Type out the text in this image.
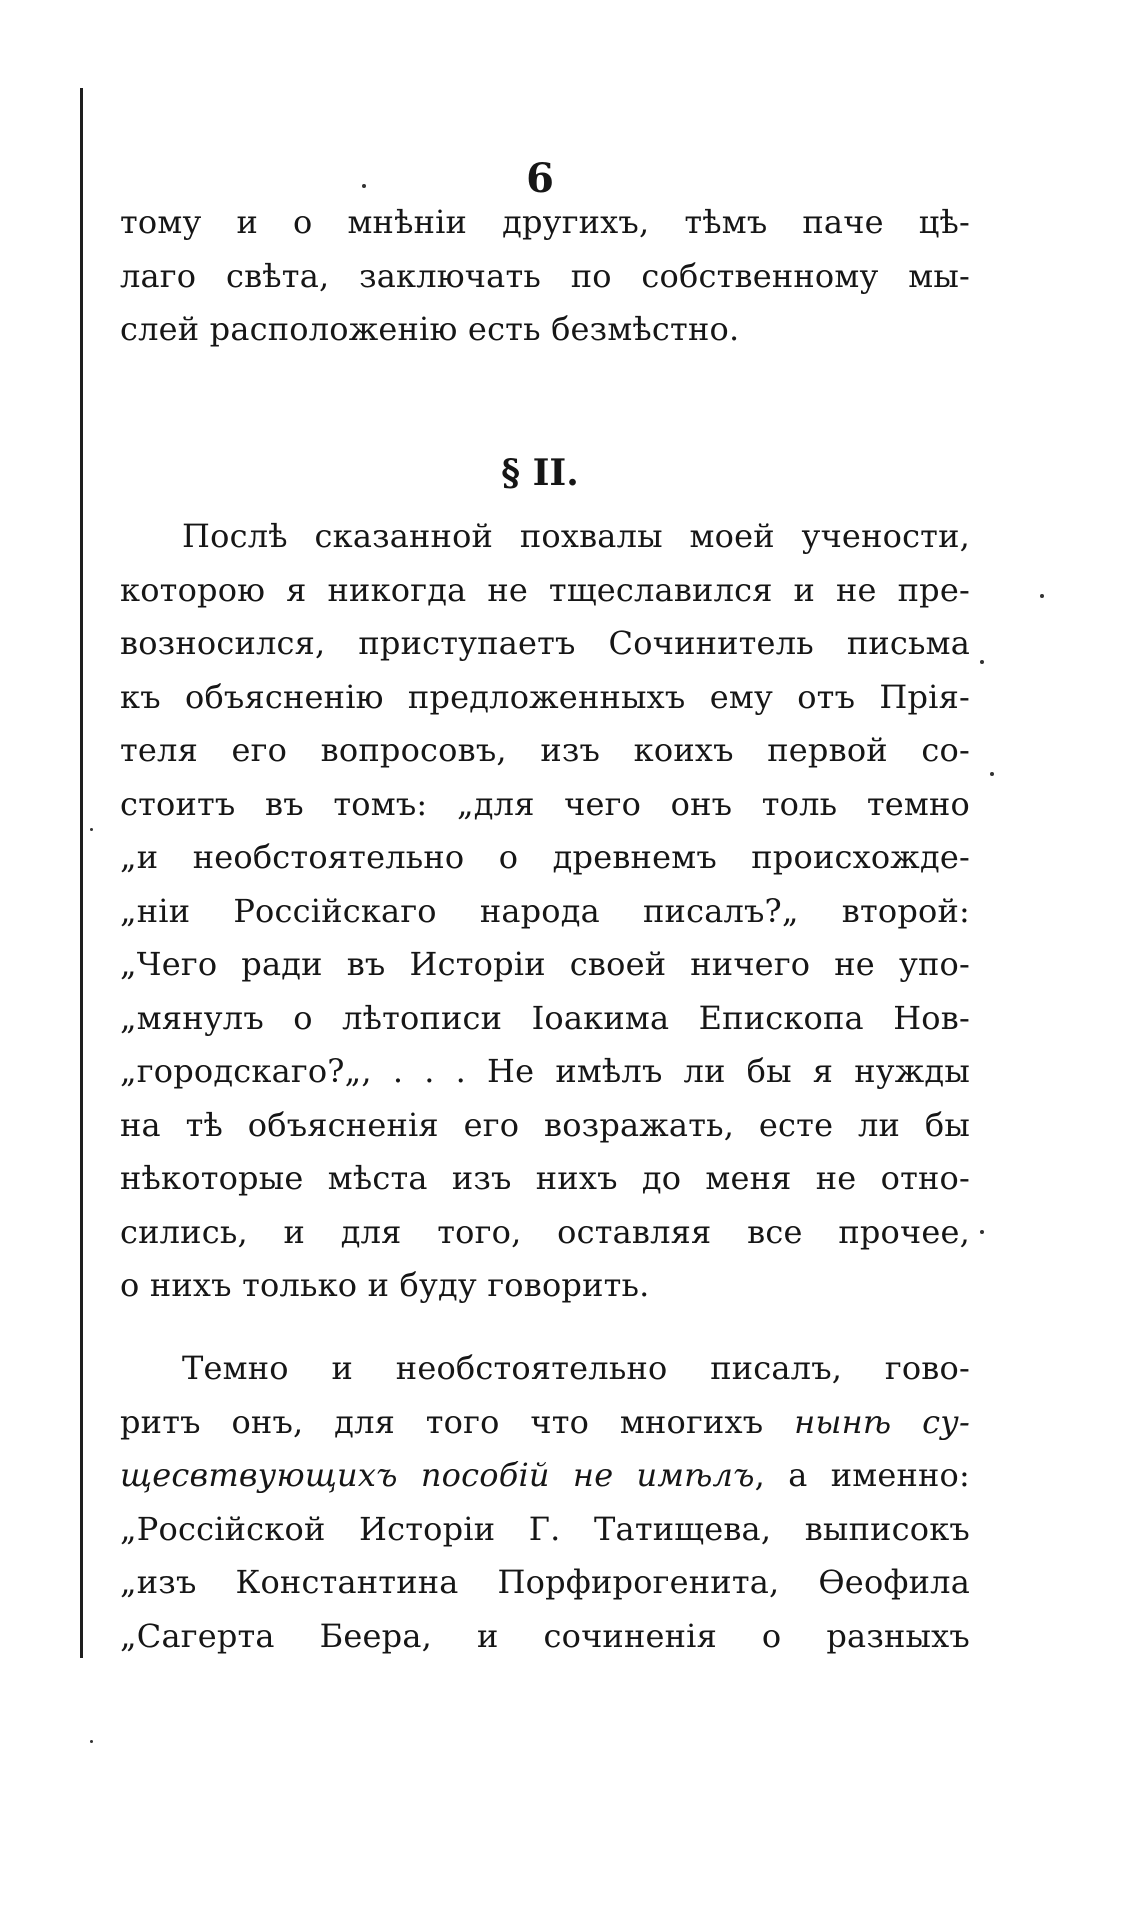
6
тому и о мнѣніи другихъ, тѣмъ паче цѣ-
лаго свѣта, заключать по собственному мы-
слей расположенію есть безмѣстно.
§ II.
Послѣ сказанной похвалы моей учености,
которою я никогда не тщеславился и не пре-
возносился, приступаетъ Сочинитель письма
къ объясненію предложенныхъ ему отъ Прія-
теля его вопросовъ, изъ коихъ первой со-
стоитъ въ томъ: „для чего онъ толь темно
„и необстоятельно о древнемъ происхожде-
„ніи Россійскаго народа писалъ?„ второй:
„Чего ради въ Исторіи своей ничего не упо-
„мянулъ о лѣтописи Іоакима Епископа Нов-
„городскаго?„, . . . Не имѣлъ ли бы я нужды
на тѣ объясненія его возражать, есте ли бы
нѣкоторые мѣста изъ нихъ до меня не отно-
сились, и для того, оставляя все прочее,
о нихъ только и буду говорить.
Темно и необстоятельно писалъ, гово-
ритъ онъ, для того что многихъ нынѣ су-
щесвтвующихъ пособій не имѣлъ, а именно:
„Россійской Исторіи Г. Татищева, выписокъ
„изъ Константина Порфирогенита, Ѳеофила
„Сагерта Беера, и сочиненія о разныхъ
